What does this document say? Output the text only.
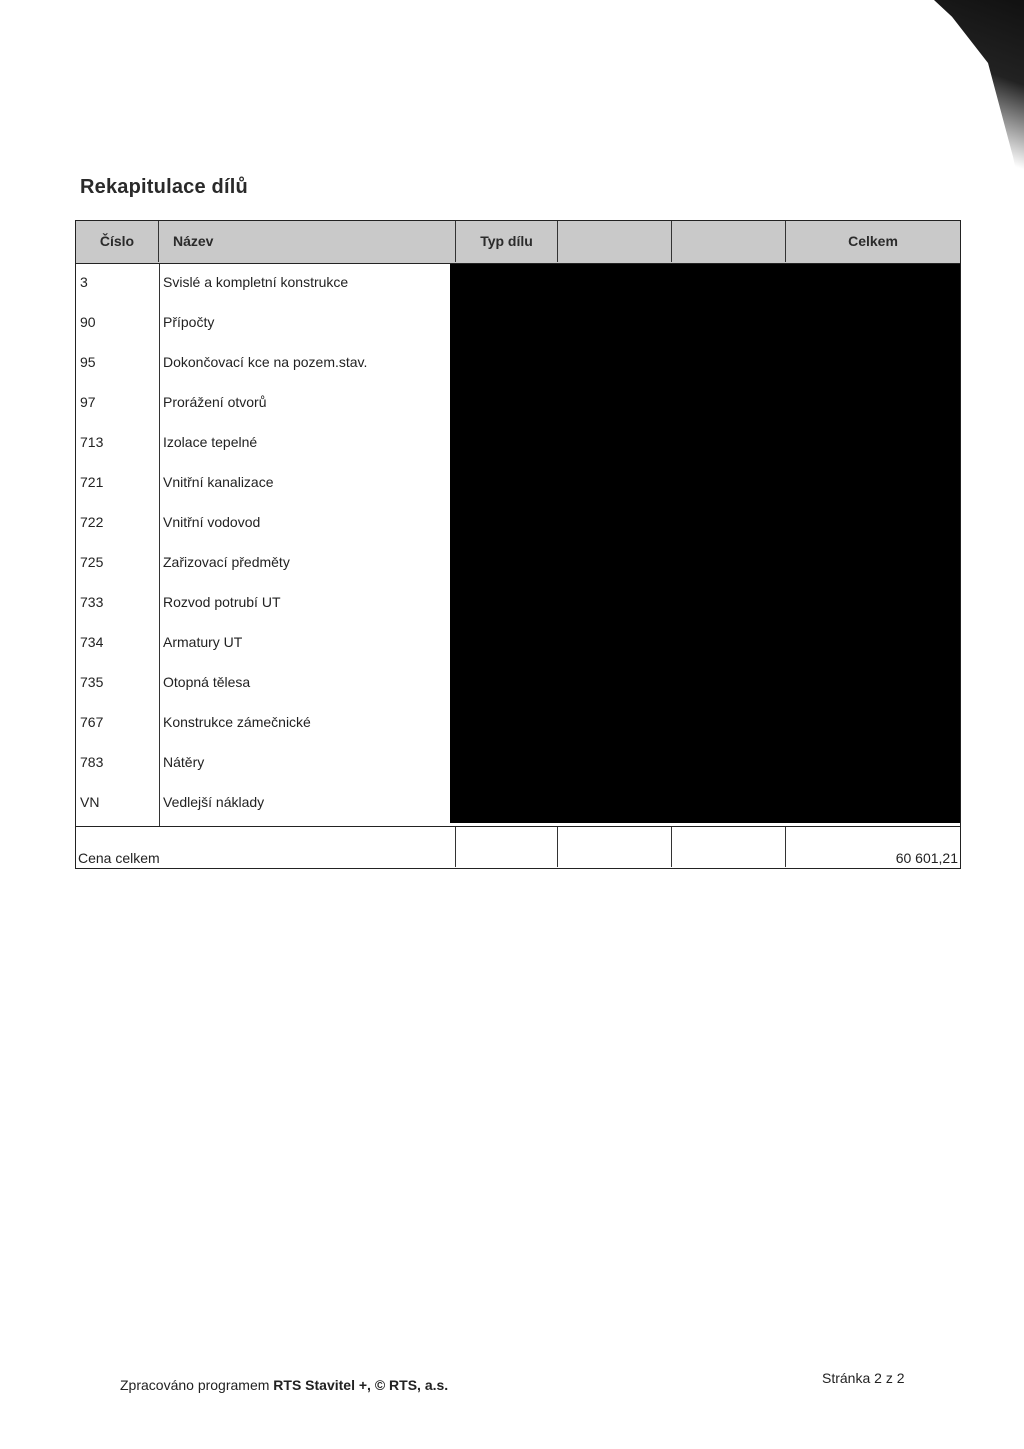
Rekapitulace dílů
Číslo	Název	Typ dílu	Celkem
3	Svislé a kompletní konstrukce
90	Přípočty
95	Dokončovací kce na pozem.stav.
97	Prorážení otvorů
713	Izolace tepelné
721	Vnitřní kanalizace
722	Vnitřní vodovod
725	Zařizovací předměty
733	Rozvod potrubí UT
734	Armatury UT
735	Otopná tělesa
767	Konstrukce zámečnické
783	Nátěry
VN	Vedlejší náklady
Cena celkem	60 601,21
Zpracováno programem RTS Stavitel +, © RTS, a.s.	Stránka 2 z 2
